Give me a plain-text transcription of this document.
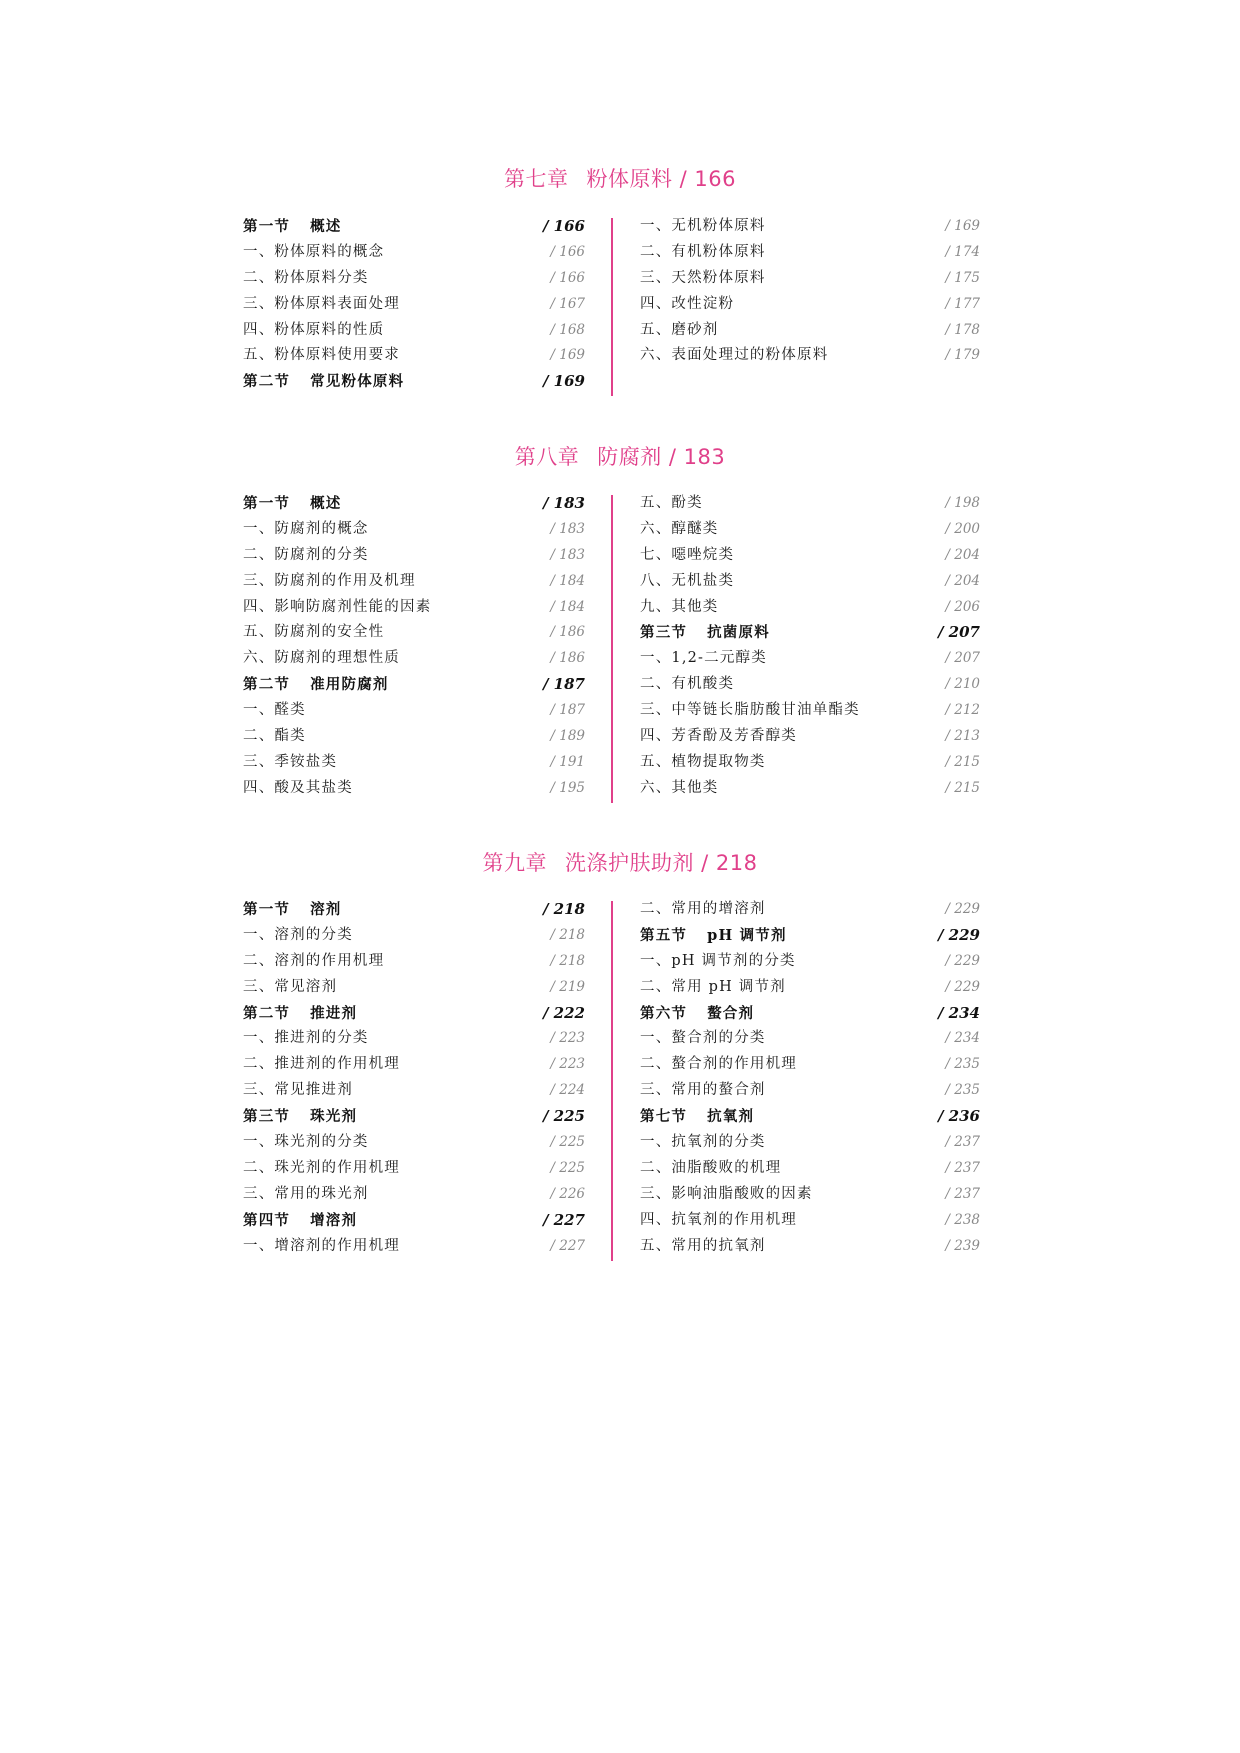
第七章 粉体原料 / 166
第一节 概述	/ 166
一、粉体原料的概念	/ 166
二、粉体原料分类	/ 166
三、粉体原料表面处理	/ 167
四、粉体原料的性质	/ 168
五、粉体原料使用要求	/ 169
第二节 常见粉体原料	/ 169
一、无机粉体原料	/ 169
二、有机粉体原料	/ 174
三、天然粉体原料	/ 175
四、改性淀粉	/ 177
五、磨砂剂	/ 178
六、表面处理过的粉体原料	/ 179
第八章 防腐剂 / 183
第一节 概述	/ 183
一、防腐剂的概念	/ 183
二、防腐剂的分类	/ 183
三、防腐剂的作用及机理	/ 184
四、影响防腐剂性能的因素	/ 184
五、防腐剂的安全性	/ 186
六、防腐剂的理想性质	/ 186
第二节 准用防腐剂	/ 187
一、醛类	/ 187
二、酯类	/ 189
三、季铵盐类	/ 191
四、酸及其盐类	/ 195
五、酚类	/ 198
六、醇醚类	/ 200
七、噁唑烷类	/ 204
八、无机盐类	/ 204
九、其他类	/ 206
第三节 抗菌原料	/ 207
一、1,2-二元醇类	/ 207
二、有机酸类	/ 210
三、中等链长脂肪酸甘油单酯类	/ 212
四、芳香酚及芳香醇类	/ 213
五、植物提取物类	/ 215
六、其他类	/ 215
第九章 洗涤护肤助剂 / 218
第一节 溶剂	/ 218
一、溶剂的分类	/ 218
二、溶剂的作用机理	/ 218
三、常见溶剂	/ 219
第二节 推进剂	/ 222
一、推进剂的分类	/ 223
二、推进剂的作用机理	/ 223
三、常见推进剂	/ 224
第三节 珠光剂	/ 225
一、珠光剂的分类	/ 225
二、珠光剂的作用机理	/ 225
三、常用的珠光剂	/ 226
第四节 增溶剂	/ 227
一、增溶剂的作用机理	/ 227
二、常用的增溶剂	/ 229
第五节 pH 调节剂	/ 229
一、pH 调节剂的分类	/ 229
二、常用 pH 调节剂	/ 229
第六节 螯合剂	/ 234
一、螯合剂的分类	/ 234
二、螯合剂的作用机理	/ 235
三、常用的螯合剂	/ 235
第七节 抗氧剂	/ 236
一、抗氧剂的分类	/ 237
二、油脂酸败的机理	/ 237
三、影响油脂酸败的因素	/ 237
四、抗氧剂的作用机理	/ 238
五、常用的抗氧剂	/ 239
